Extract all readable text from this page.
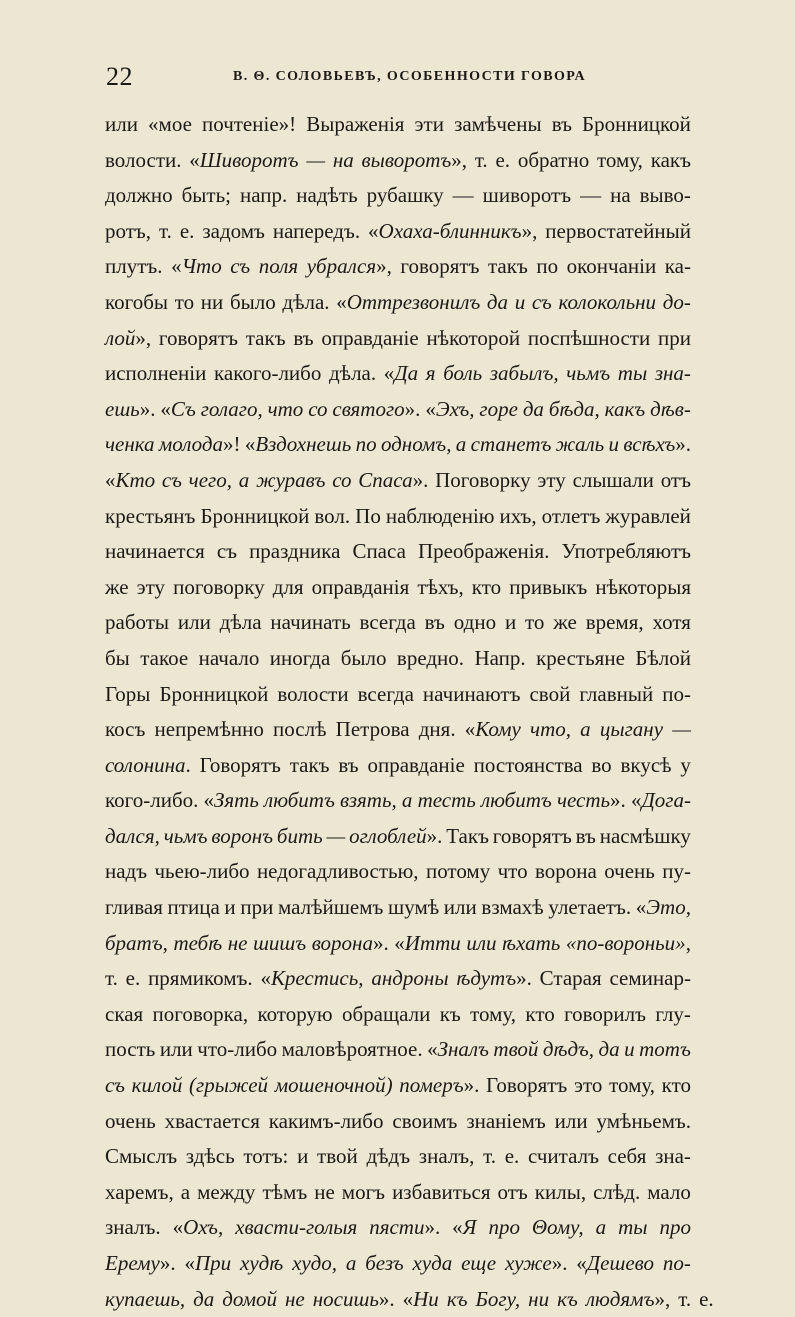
22	В. Θ. СОЛОВЬЕВЪ, ОСОБЕННОСТИ ГОВОРА
или «мое почтеніе»! Выраженія эти замѣчены въ Бронницкой
волости. «Шиворотъ — на выворотъ», т. е. обратно тому, какъ
должно быть; напр. надѣть рубашку — шиворотъ — на выво-
ротъ, т. е. задомъ напередъ. «Охаха-блинникъ», первостатейный
плутъ. «Что съ поля убрался», говорятъ такъ по окончаніи ка-
когобы то ни было дѣла. «Оттрезвонилъ да и съ колокольни до-
лой», говорятъ такъ въ оправданіе нѣкоторой поспѣшности при
исполненіи какого-либо дѣла. «Да я боль забылъ, чьмъ ты зна-
ешь». «Съ голаго, что со святого». «Эхъ, горе да бѣда, какъ дѣв-
ченка молода»! «Вздохнешь по одномъ, а станетъ жаль и всѣхъ».
«Кто съ чего, а журавъ со Спаса». Поговорку эту слышали отъ
крестьянъ Бронницкой вол. По наблюденію ихъ, отлетъ журавлей
начинается съ праздника Спаса Преображенія. Употребляютъ
же эту поговорку для оправданія тѣхъ, кто привыкъ нѣкоторыя
работы или дѣла начинать всегда въ одно и то же время, хотя
бы такое начало иногда было вредно. Напр. крестьяне Бѣлой
Горы Бронницкой волости всегда начинаютъ свой главный по-
косъ непремѣнно послѣ Петрова дня. «Кому что, а цыгану —
солонина. Говорятъ такъ въ оправданіе постоянства во вкусѣ у
кого-либо. «Зять любитъ взять, а тесть любитъ честь». «Дога-
дался, чьмъ воронъ бить — оглоблей». Такъ говорятъ въ насмѣшку
надъ чьею-либо недогадливостью, потому что ворона очень пу-
гливая птица и при малѣйшемъ шумѣ или взмахѣ улетаетъ. «Это,
братъ, тебѣ не шишъ ворона». «Итти или ѣхать «по-вороньи»,
т. е. прямикомъ. «Крестись, андроны ѣдутъ». Старая семинар-
ская поговорка, которую обращали къ тому, кто говорилъ глу-
пость или что-либо маловѣроятное. «Зналъ твой дѣдъ, да и тотъ
съ килой (грыжей мошеночной) померъ». Говорятъ это тому, кто
очень хвастается какимъ-либо своимъ знаніемъ или умѣньемъ.
Смыслъ здѣсь тотъ: и твой дѣдъ зналъ, т. е. считалъ себя зна-
харемъ, а между тѣмъ не могъ избавиться отъ килы, слѣд. мало
зналъ. «Охъ, хвасти-голыя пясти». «Я про Θому, а ты про
Ерему». «При худѣ худо, а безъ худа еще хуже». «Дешево по-
купаешь, да домой не носишь». «Ни къ Богу, ни къ людямъ», т. е.
